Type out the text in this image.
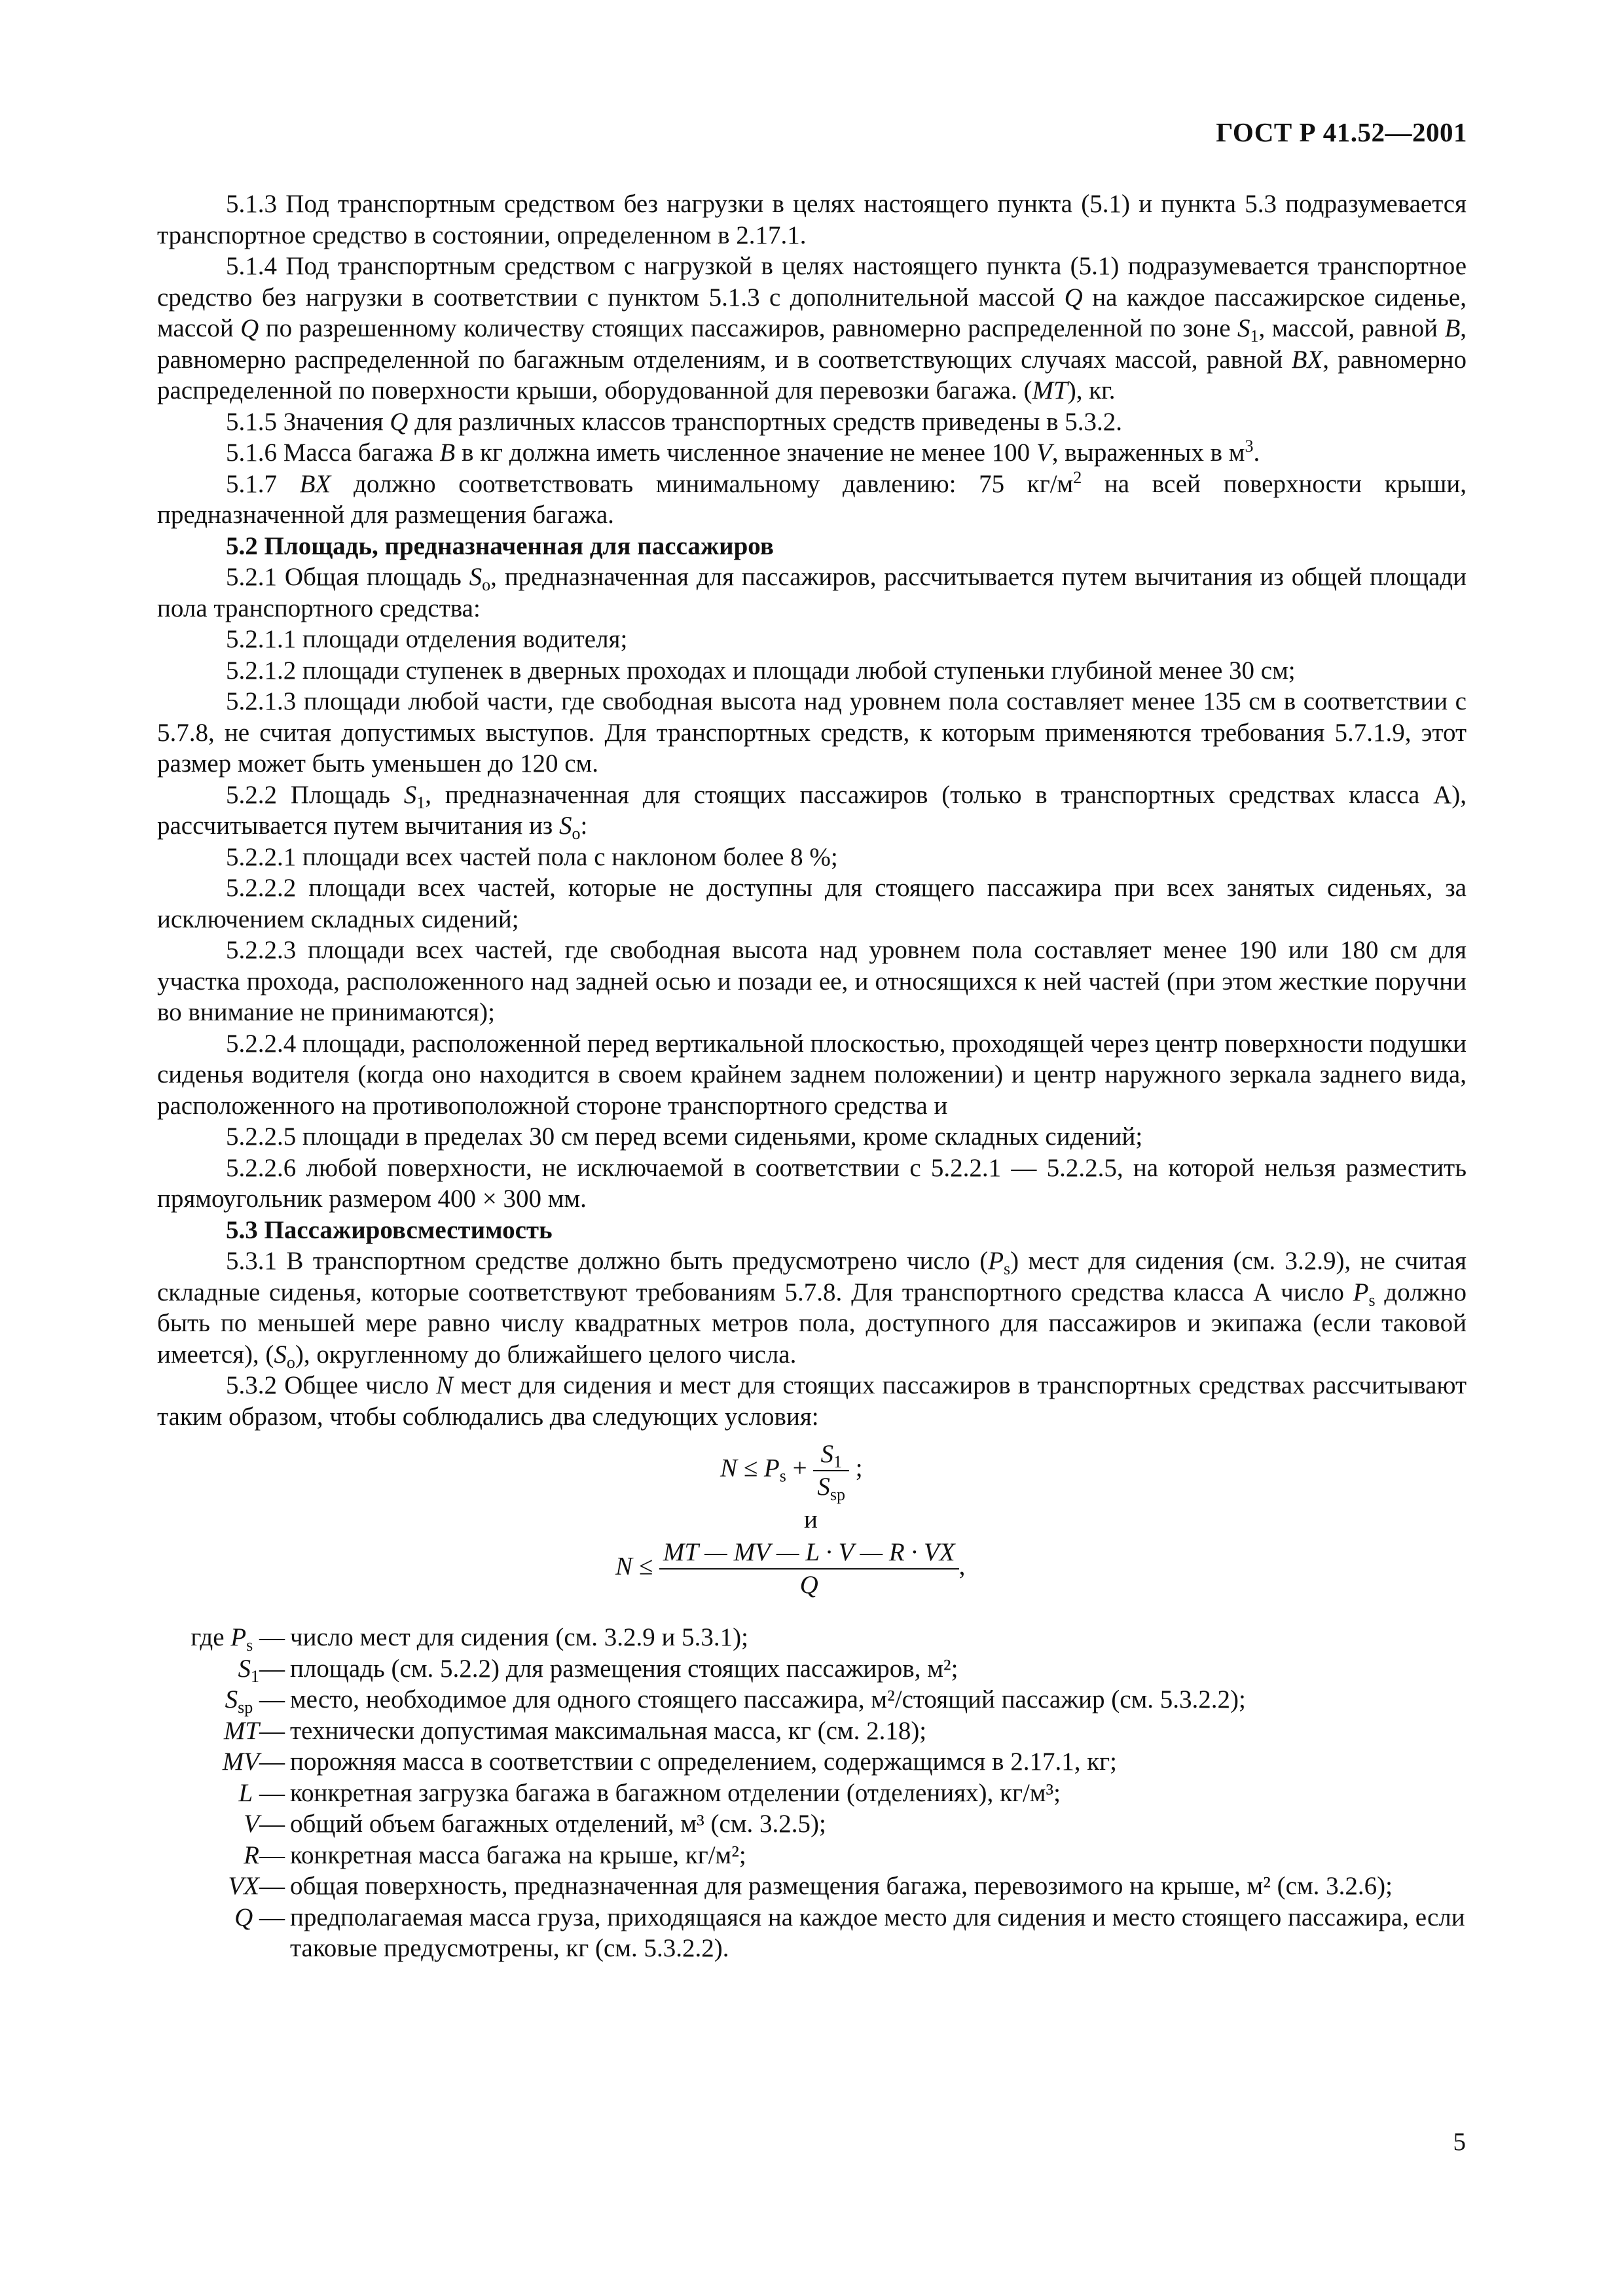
ГОСТ Р 41.52—2001

5.1.3 Под транспортным средством без нагрузки в целях настоящего пункта (5.1) и пункта 5.3 подразумевается транспортное средство в состоянии, определенном в 2.17.1.

5.1.4 Под транспортным средством с нагрузкой в целях настоящего пункта (5.1) подразумевается транспортное средство без нагрузки в соответствии с пунктом 5.1.3 с дополнительной массой Q на каждое пассажирское сиденье, массой Q по разрешенному количеству стоящих пассажиров, равномерно распределенной по зоне $S_1$, массой, равной B, равномерно распределенной по багажным отделениям, и в соответствующих случаях массой, равной BX, равномерно распределенной по поверхности крыши, оборудованной для перевозки багажа. (MT), кг.

5.1.5 Значения Q для различных классов транспортных средств приведены в 5.3.2.

5.1.6 Масса багажа B в кг должна иметь численное значение не менее 100 V, выраженных в $м^3$.

5.1.7 BX должно соответствовать минимальному давлению: 75 $кг/м^2$ на всей поверхности крыши, предназначенной для размещения багажа.

5.2 Площадь, предназначенная для пассажиров

5.2.1 Общая площадь $S_o$, предназначенная для пассажиров, рассчитывается путем вычитания из общей площади пола транспортного средства:

5.2.1.1 площади отделения водителя;

5.2.1.2 площади ступенек в дверных проходах и площади любой ступеньки глубиной менее 30 см;

5.2.1.3 площади любой части, где свободная высота над уровнем пола составляет менее 135 см в соответствии с 5.7.8, не считая допустимых выступов. Для транспортных средств, к которым применяются требования 5.7.1.9, этот размер может быть уменьшен до 120 см.

5.2.2 Площадь $S_1$, предназначенная для стоящих пассажиров (только в транспортных средствах класса А), рассчитывается путем вычитания из $S_o$:

5.2.2.1 площади всех частей пола с наклоном более 8 %;

5.2.2.2 площади всех частей, которые не доступны для стоящего пассажира при всех занятых сиденьях, за исключением складных сидений;

5.2.2.3 площади всех частей, где свободная высота над уровнем пола составляет менее 190 или 180 см для участка прохода, расположенного над задней осью и позади ее, и относящихся к ней частей (при этом жесткие поручни во внимание не принимаются);

5.2.2.4 площади, расположенной перед вертикальной плоскостью, проходящей через центр поверхности подушки сиденья водителя (когда оно находится в своем крайнем заднем положении) и центр наружного зеркала заднего вида, расположенного на противоположной стороне транспортного средства и

5.2.2.5 площади в пределах 30 см перед всеми сиденьями, кроме складных сидений;

5.2.2.6 любой поверхности, не исключаемой в соответствии с 5.2.2.1 — 5.2.2.5, на которой нельзя разместить прямоугольник размером 400 × 300 мм.

5.3 Пассажировсместимость

5.3.1 В транспортном средстве должно быть предусмотрено число $(P_s)$ мест для сидения (см. 3.2.9), не считая складные сиденья, которые соответствуют требованиям 5.7.8. Для транспортного средства класса А число $P_s$ должно быть по меньшей мере равно числу квадратных метров пола, доступного для пассажиров и экипажа (если таковой имеется), $(S_o)$, округленному до ближайшего целого числа.

5.3.2 Общее число N мест для сидения и мест для стоящих пассажиров в транспортных средствах рассчитывают таким образом, чтобы соблюдались два следующих условия:

$N \le P_s + \frac{S_1}{S_{sp}}$ ;
и
$N \le \frac{MT — MV — L \cdot V — R \cdot VX}{Q}$ ,
где $P_s$ —	число мест для сидения (см. 3.2.9 и 5.3.1);
$S_1—$	площадь (см. 5.2.2) для размещения стоящих пассажиров, м²;
$S_{sp}$ —	место, необходимое для одного стоящего пассажира, м²/стоящий пассажир (см. 5.3.2.2);
MT—	технически допустимая максимальная масса, кг (см. 2.18);
MV—	порожняя масса в соответствии с определением, содержащимся в 2.17.1, кг;
L —	конкретная загрузка багажа в багажном отделении (отделениях), кг/м³;
V—	общий объем багажных отделений, м³ (см. 3.2.5);
R—	конкретная масса багажа на крыше, кг/м²;
VX—	общая поверхность, предназначенная для размещения багажа, перевозимого на крыше, м² (см. 3.2.6);
Q —	предполагаемая масса груза, приходящаяся на каждое место для сидения и место стоящего пассажира, если таковые предусмотрены, кг (см. 5.3.2.2).
5
